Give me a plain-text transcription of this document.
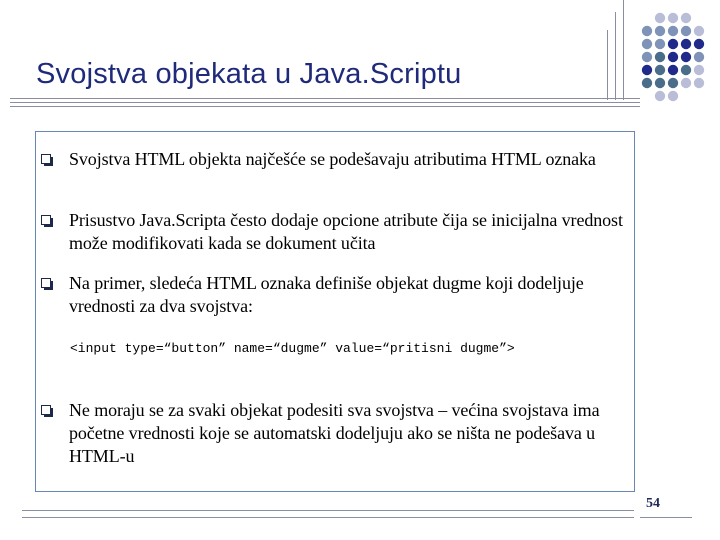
Svojstva objekata u Java.Scriptu
Svojstva HTML objekta najčešće se podešavaju atributima HTML oznaka
Prisustvo Java.Scripta često dodaje opcione atribute čija se inicijalna vrednost može modifikovati kada se dokument učita
Na primer, sledeća HTML oznaka definiše objekat dugme koji dodeljuje vrednosti za dva svojstva:
<input type=“button” name=“dugme” value=“pritisni dugme”>
Ne moraju se za svaki objekat podesiti sva svojstva – većina svojstava ima početne vrednosti koje se automatski dodeljuju ako se ništa ne podešava u HTML-u
54
